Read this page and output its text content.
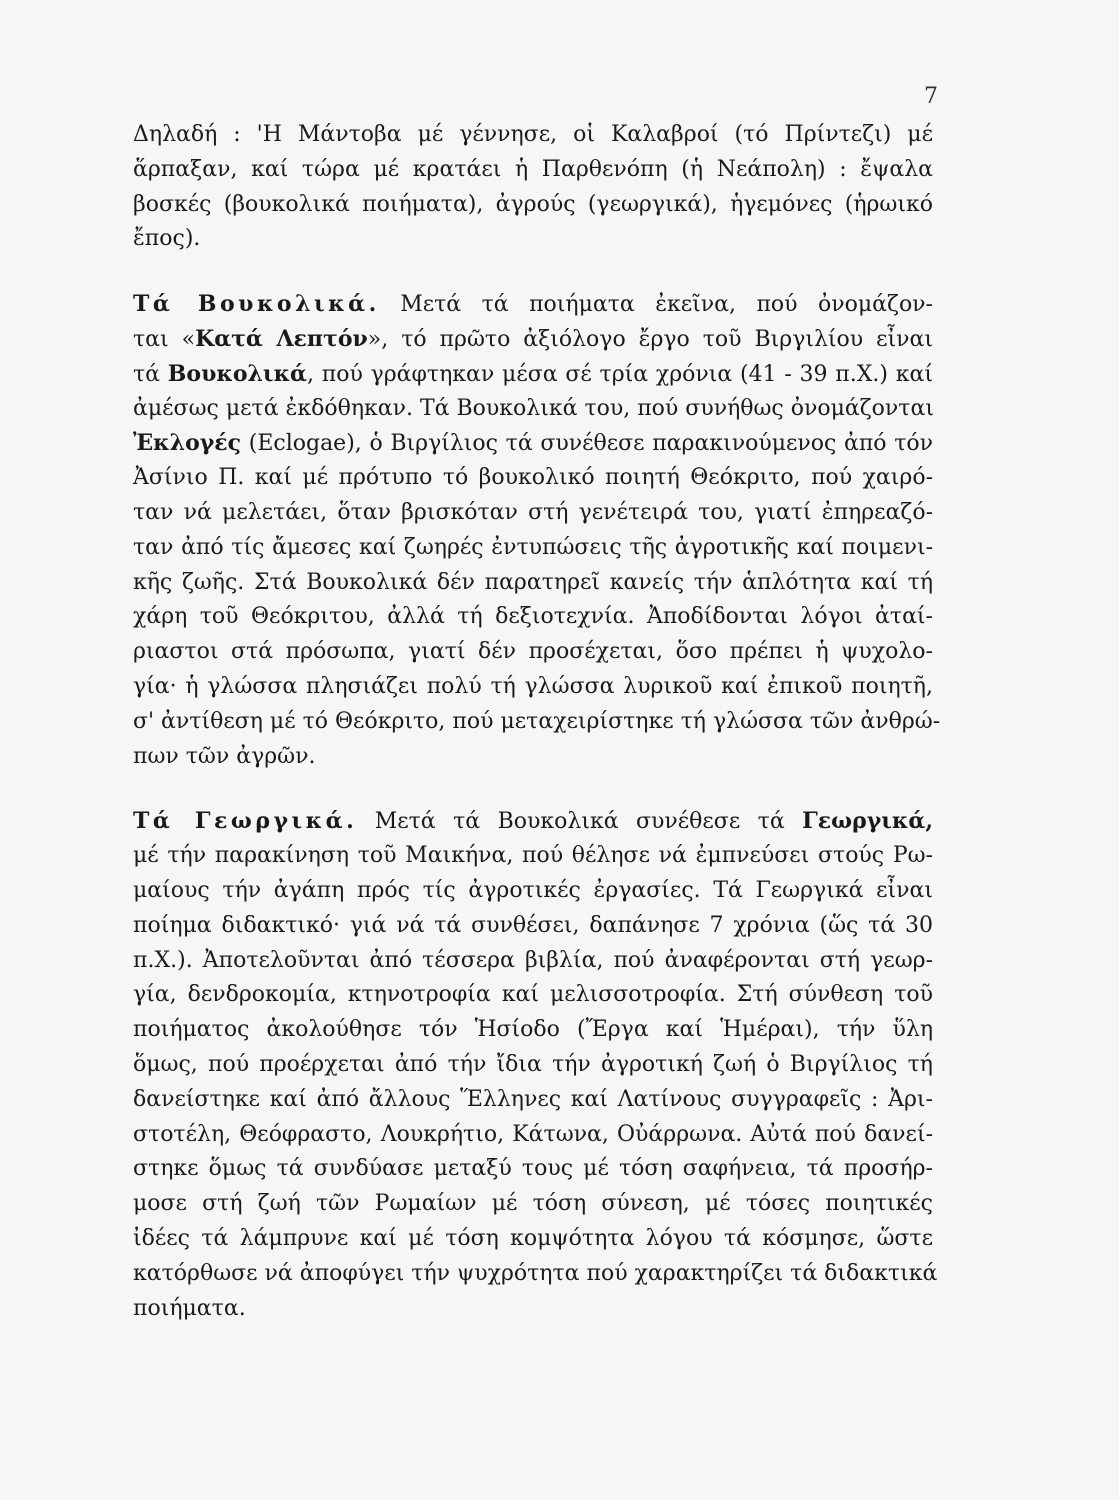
7
Δηλαδή : 'Η Μάντοβα μέ γέννησε, οἱ Καλαβροί (τό Πρίντεζι) μέ
ἅρπαξαν, καί τώρα μέ κρατάει ἡ Παρθενόπη (ἡ Νεάπολη) : ἔψαλα
βοσκές (βουκολικά ποιήματα), ἀγρούς (γεωργικά), ἡγεμόνες (ἡρωικό
ἔπος).
Τά Βουκολικά. Μετά τά ποιήματα ἐκεῖνα, πού ὀνομάζον-
ται «Κατά Λεπτόν», τό πρῶτο ἀξιόλογο ἔργο τοῦ Βιργιλίου εἶναι
τά Βουκολικά, πού γράφτηκαν μέσα σέ τρία χρόνια (41 - 39 π.Χ.) καί
ἀμέσως μετά ἐκδόθηκαν. Τά Βουκολικά του, πού συνήθως ὀνομάζονται
Ἐκλογές (Eclogae), ὁ Βιργίλιος τά συνέθεσε παρακινούμενος ἀπό τόν
Ἀσίνιο Π. καί μέ πρότυπο τό βουκολικό ποιητή Θεόκριτο, πού χαιρό-
ταν νά μελετάει, ὅταν βρισκόταν στή γενέτειρά του, γιατί ἐπηρεαζό-
ταν ἀπό τίς ἄμεσες καί ζωηρές ἐντυπώσεις τῆς ἀγροτικῆς καί ποιμενι-
κῆς ζωῆς. Στά Βουκολικά δέν παρατηρεῖ κανείς τήν ἁπλότητα καί τή
χάρη τοῦ Θεόκριτου, ἀλλά τή δεξιοτεχνία. Ἀποδίδονται λόγοι ἀταί-
ριαστοι στά πρόσωπα, γιατί δέν προσέχεται, ὅσο πρέπει ἡ ψυχολο-
γία· ἡ γλώσσα πλησιάζει πολύ τή γλώσσα λυρικοῦ καί ἐπικοῦ ποιητῆ,
σ' ἀντίθεση μέ τό Θεόκριτο, πού μεταχειρίστηκε τή γλώσσα τῶν ἀνθρώ-
πων τῶν ἀγρῶν.
Τά Γεωργικά. Μετά τά Βουκολικά συνέθεσε τά Γεωργικά,
μέ τήν παρακίνηση τοῦ Μαικήνα, πού θέλησε νά ἐμπνεύσει στούς Ρω-
μαίους τήν ἀγάπη πρός τίς ἀγροτικές ἐργασίες. Τά Γεωργικά εἶναι
ποίημα διδακτικό· γιά νά τά συνθέσει, δαπάνησε 7 χρόνια (ὥς τά 30
π.Χ.). Ἀποτελοῦνται ἀπό τέσσερα βιβλία, πού ἀναφέρονται στή γεωρ-
γία, δενδροκομία, κτηνοτροφία καί μελισσοτροφία. Στή σύνθεση τοῦ
ποιήματος ἀκολούθησε τόν Ἡσίοδο (Ἔργα καί Ἡμέραι), τήν ὕλη
ὅμως, πού προέρχεται ἀπό τήν ἴδια τήν ἀγροτική ζωή ὁ Βιργίλιος τή
δανείστηκε καί ἀπό ἄλλους Ἕλληνες καί Λατίνους συγγραφεῖς : Ἀρι-
στοτέλη, Θεόφραστο, Λουκρήτιο, Κάτωνα, Οὐάρρωνα. Αὐτά πού δανεί-
στηκε ὅμως τά συνδύασε μεταξύ τους μέ τόση σαφήνεια, τά προσήρ-
μοσε στή ζωή τῶν Ρωμαίων μέ τόση σύνεση, μέ τόσες ποιητικές
ἰδέες τά λάμπρυνε καί μέ τόση κομψότητα λόγου τά κόσμησε, ὥστε
κατόρθωσε νά ἀποφύγει τήν ψυχρότητα πού χαρακτηρίζει τά διδακτικά
ποιήματα.
